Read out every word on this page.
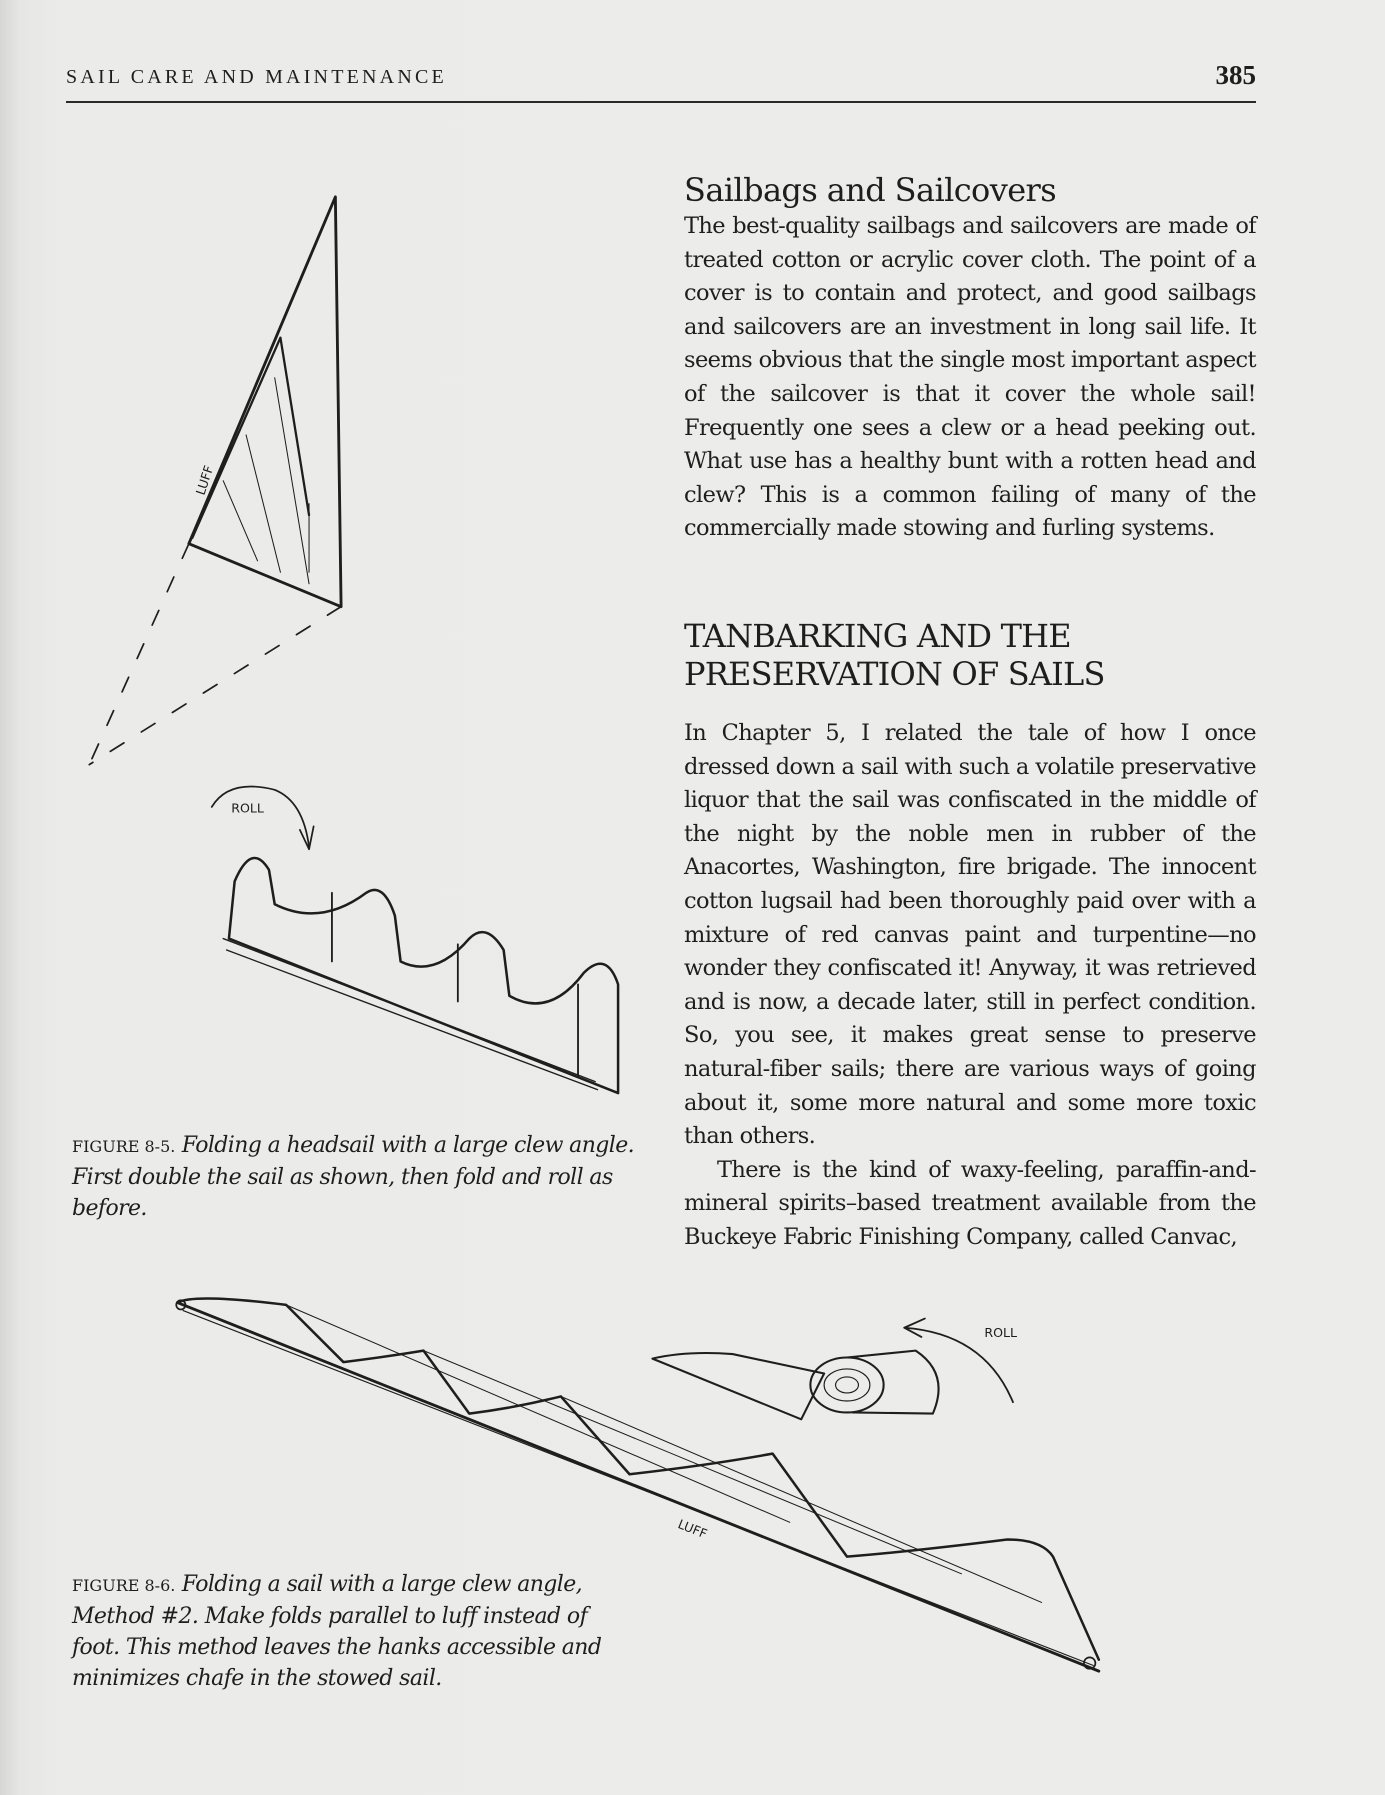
SAIL CARE AND MAINTENANCE	385
Sailbags and Sailcovers

The best-quality sailbags and sailcovers are made of treated cotton or acrylic cover cloth. The point of a cover is to contain and protect, and good sailbags and sailcovers are an investment in long sail life. It seems obvious that the single most important aspect of the sailcover is that it cover the whole sail! Frequently one sees a clew or a head peeking out. What use has a healthy bunt with a rotten head and clew? This is a common failing of many of the commercially made stowing and furling systems.

TANBARKING AND THE PRESERVATION OF SAILS

In Chapter 5, I related the tale of how I once dressed down a sail with such a volatile preservative liquor that the sail was confiscated in the middle of the night by the noble men in rubber of the Anacortes, Washington, fire brigade. The innocent cotton lugsail had been thoroughly paid over with a mixture of red canvas paint and turpentine—no wonder they confiscated it! Anyway, it was retrieved and is now, a decade later, still in perfect condition. So, you see, it makes great sense to preserve natural-fiber sails; there are various ways of going about it, some more natural and some more toxic than others.

There is the kind of waxy-feeling, paraffin-and-mineral spirits–based treatment available from the Buckeye Fabric Finishing Company, called Canvac,

FIGURE 8-5. Folding a headsail with a large clew angle. First double the sail as shown, then fold and roll as before.
FIGURE 8-6. Folding a sail with a large clew angle, Method #2. Make folds parallel to luff instead of foot. This method leaves the hanks accessible and minimizes chafe in the stowed sail.
LUFF
ROLL
LUFF
ROLL
